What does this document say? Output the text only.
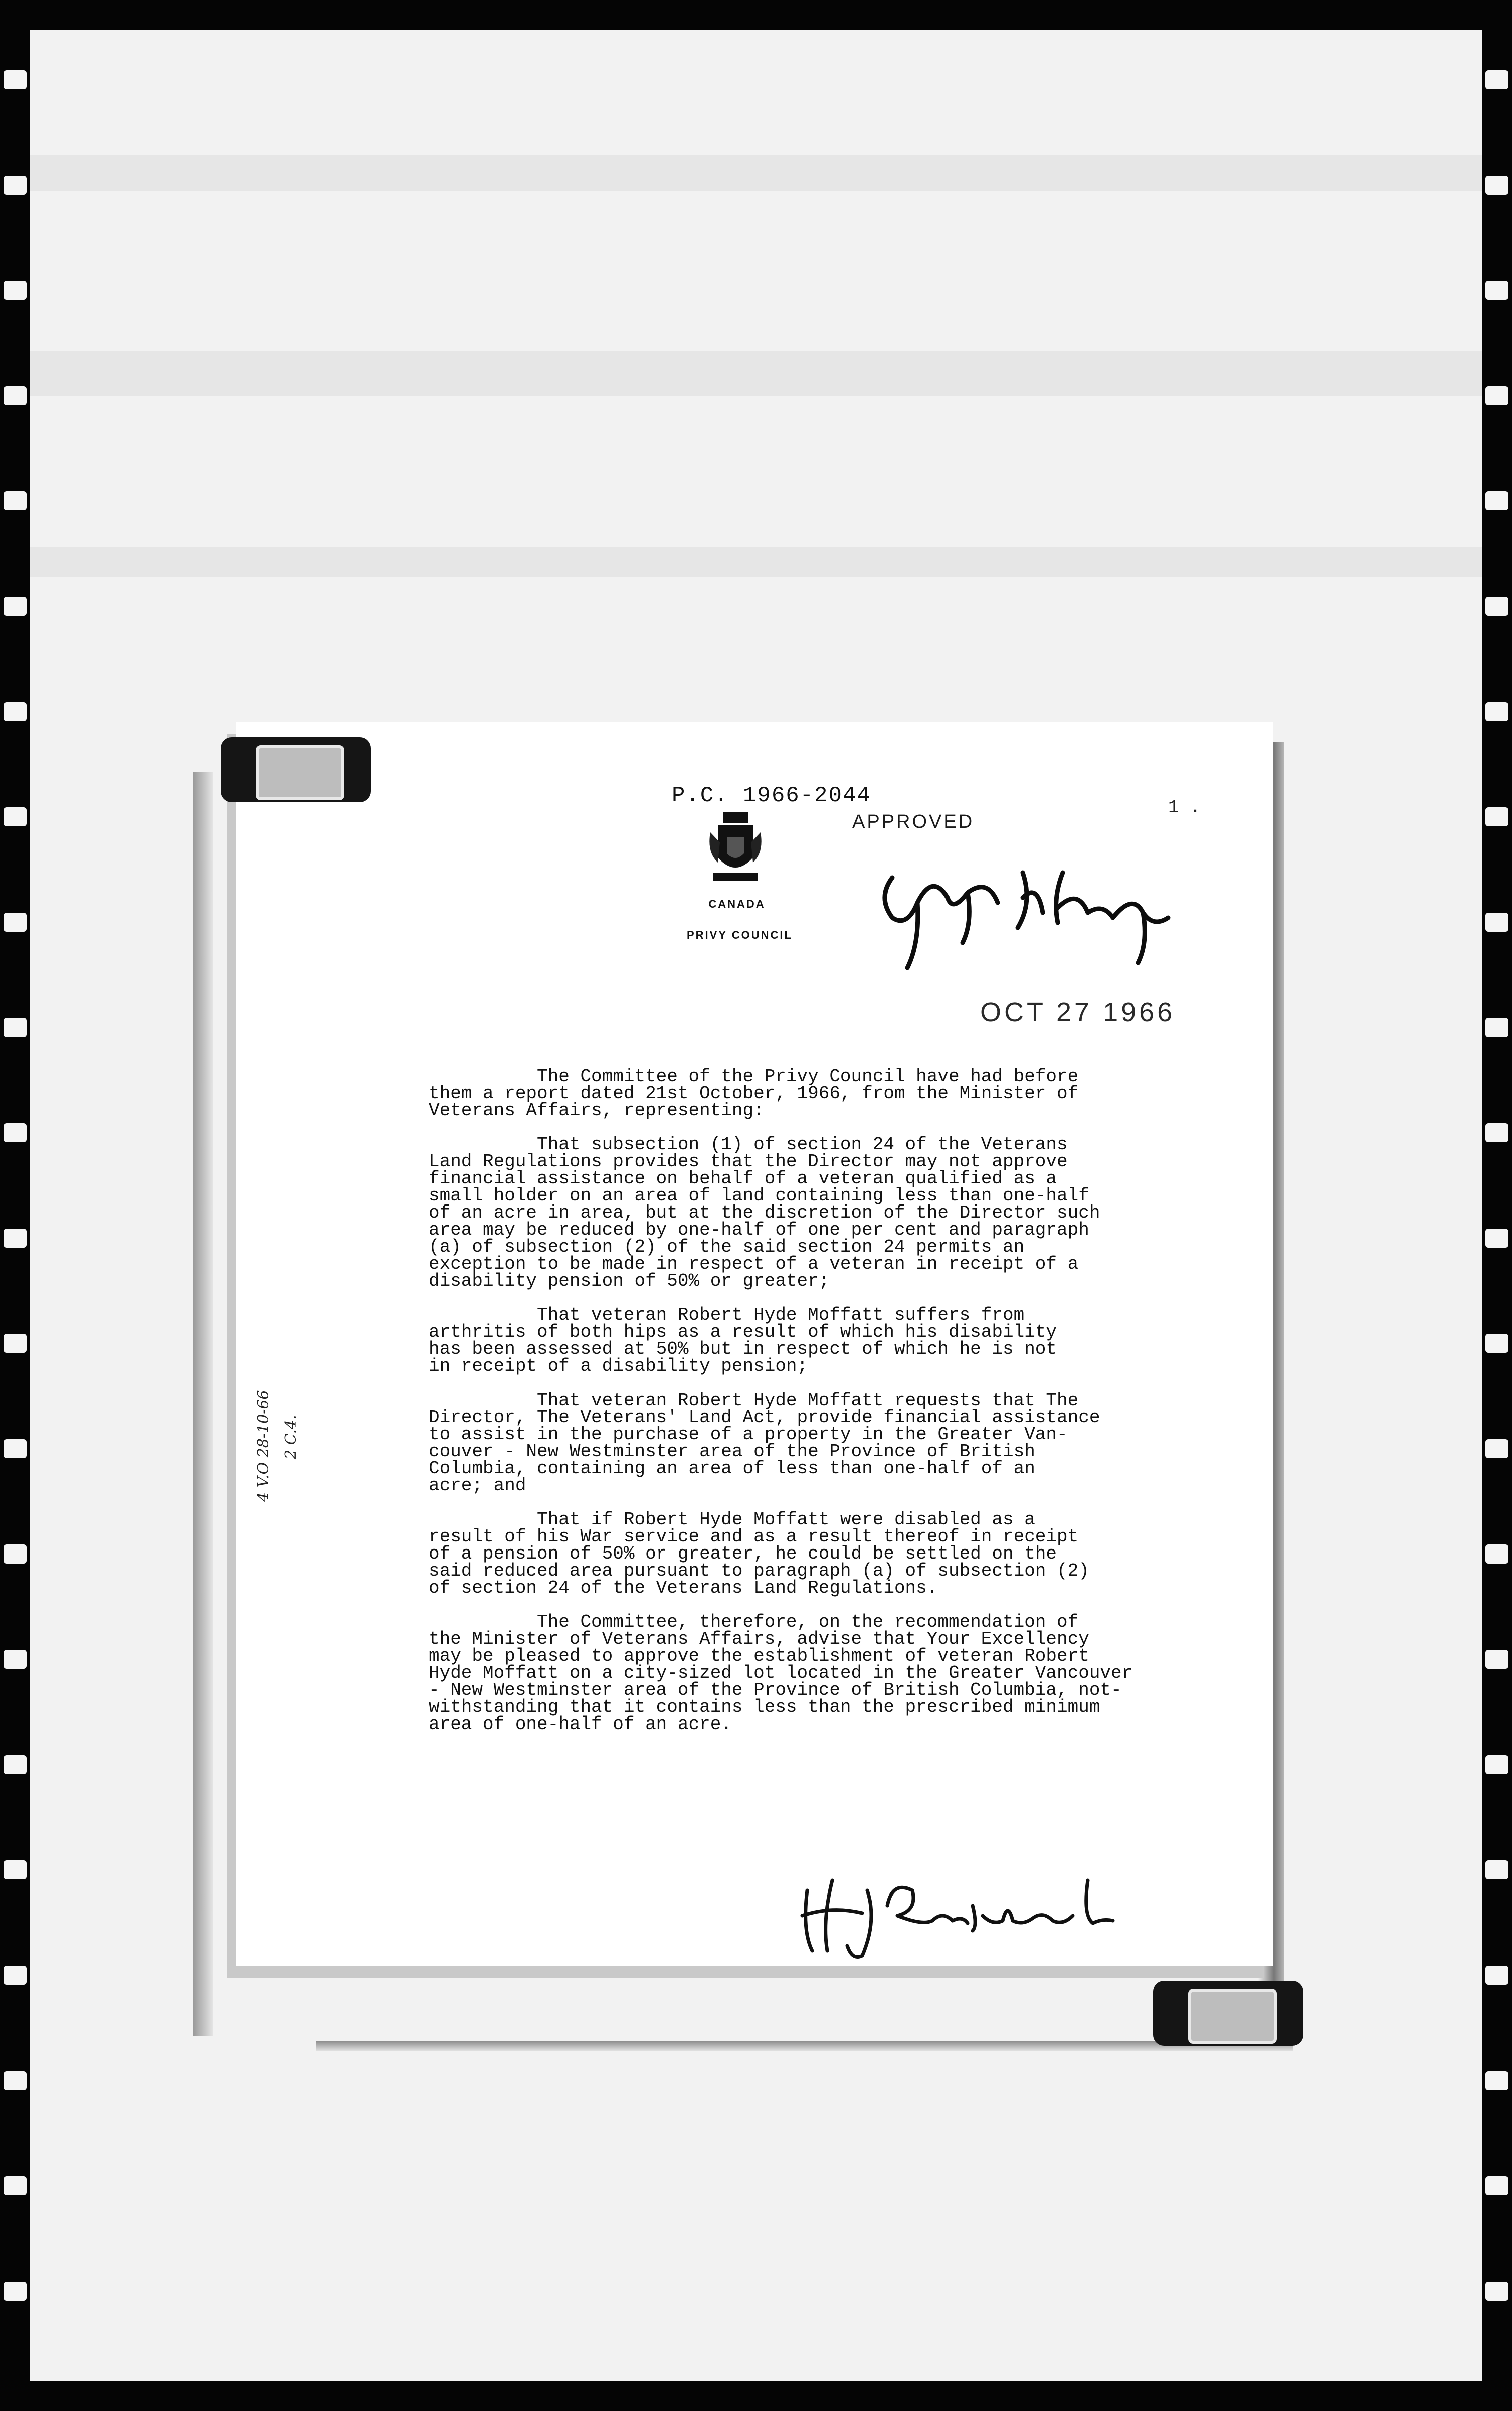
P.C. 1966-2044
CANADA
PRIVY COUNCIL
APPROVED
1 .
OCT 27 1966
4 V.O 28-10-66 2 C.4.
The Committee of the Privy Council have had before
them a report dated 21st October, 1966, from the Minister of
Veterans Affairs, representing:
That subsection (1) of section 24 of the Veterans
Land Regulations provides that the Director may not approve
financial assistance on behalf of a veteran qualified as a
small holder on an area of land containing less than one-half
of an acre in area, but at the discretion of the Director such
area may be reduced by one-half of one per cent and paragraph
(a) of subsection (2) of the said section 24 permits an
exception to be made in respect of a veteran in receipt of a
disability pension of 50% or greater;
That veteran Robert Hyde Moffatt suffers from
arthritis of both hips as a result of which his disability
has been assessed at 50% but in respect of which he is not
in receipt of a disability pension;
That veteran Robert Hyde Moffatt requests that The
Director, The Veterans' Land Act, provide financial assistance
to assist in the purchase of a property in the Greater Van-
couver - New Westminster area of the Province of British
Columbia, containing an area of less than one-half of an
acre; and
That if Robert Hyde Moffatt were disabled as a
result of his War service and as a result thereof in receipt
of a pension of 50% or greater, he could be settled on the
said reduced area pursuant to paragraph (a) of subsection (2)
of section 24 of the Veterans Land Regulations.
The Committee, therefore, on the recommendation of
the Minister of Veterans Affairs, advise that Your Excellency
may be pleased to approve the establishment of veteran Robert
Hyde Moffatt on a city-sized lot located in the Greater Vancouver
- New Westminster area of the Province of British Columbia, not-
withstanding that it contains less than the prescribed minimum
area of one-half of an acre.
